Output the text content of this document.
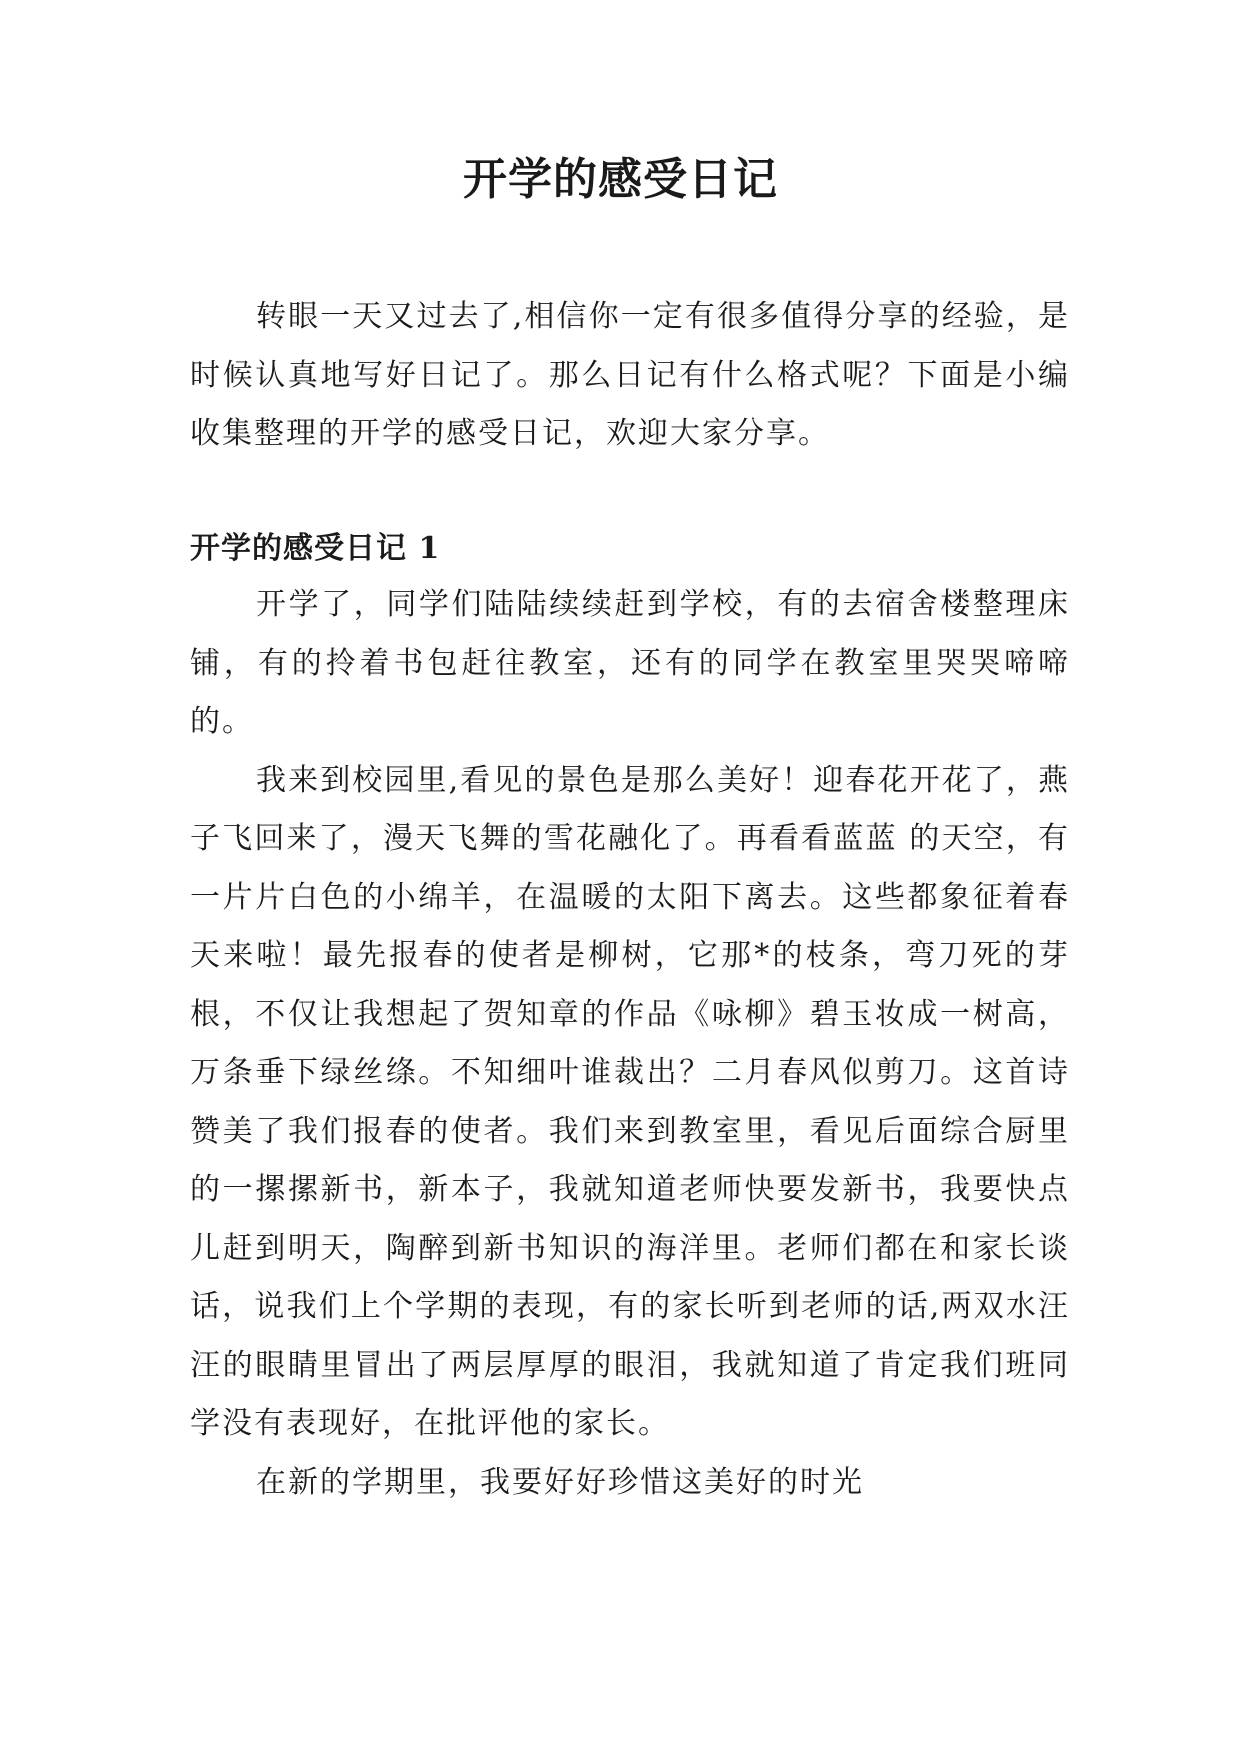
开学的感受日记

转眼一天又过去了,相信你一定有很多值得分享的经验，是时候认真地写好日记了。那么日记有什么格式呢？下面是小编收集整理的开学的感受日记，欢迎大家分享。

开学的感受日记 1

开学了，同学们陆陆续续赶到学校，有的去宿舍楼整理床铺，有的拎着书包赶往教室，还有的同学在教室里哭哭啼啼的。

我来到校园里,看见的景色是那么美好！迎春花开花了，燕子飞回来了，漫天飞舞的雪花融化了。再看看蓝蓝 的天空，有一片片白色的小绵羊，在温暖的太阳下离去。这些都象征着春天来啦！最先报春的使者是柳树，它那*的枝条，弯刀死的芽根，不仅让我想起了贺知章的作品《咏柳》碧玉妆成一树高，万条垂下绿丝绦。不知细叶谁裁出？二月春风似剪刀。这首诗赞美了我们报春的使者。我们来到教室里，看见后面综合厨里的一摞摞新书，新本子，我就知道老师快要发新书，我要快点儿赶到明天，陶醉到新书知识的海洋里。老师们都在和家长谈话，说我们上个学期的表现，有的家长听到老师的话,两双水汪汪的眼睛里冒出了两层厚厚的眼泪，我就知道了肯定我们班同学没有表现好，在批评他的家长。

在新的学期里，我要好好珍惜这美好的时光
